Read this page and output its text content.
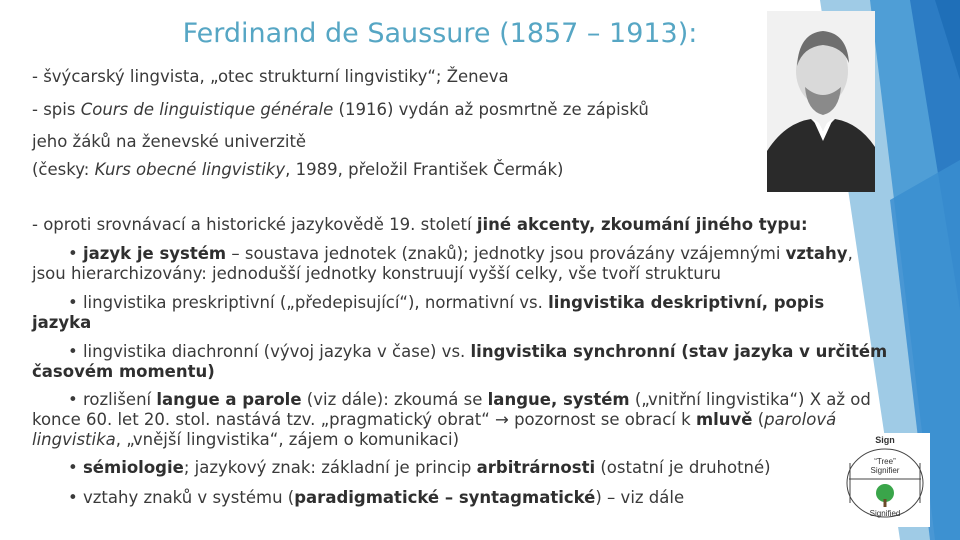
Ferdinand de Saussure (1857 – 1913):
- švýcarský lingvista, „otec strukturní lingvistiky“; Ženeva
- spis Cours de linguistique générale (1916) vydán až posmrtně ze zápisků
jeho žáků na ženevské univerzitě
(česky: Kurs obecné lingvistiky, 1989, přeložil František Čermák)
- oproti srovnávací a historické jazykovědě 19. století jiné akcenty, zkoumání jiného typu:
• jazyk je systém – soustava jednotek (znaků); jednotky jsou provázány vzájemnými vztahy,
jsou hierarchizovány: jednodušší jednotky konstruují vyšší celky, vše tvoří strukturu
• lingvistika preskriptivní („předepisující“), normativní vs. lingvistika deskriptivní, popis
jazyka
• lingvistika diachronní (vývoj jazyka v čase) vs. lingvistika synchronní (stav jazyka v určitém
časovém momentu)
• rozlišení langue a parole (viz dále): zkoumá se langue, systém („vnitřní lingvistika“) X až od
konce 60. let 20. stol. nastává tzv. „pragmatický obrat“ → pozornost se obrací k mluvě (parolová
lingvistika, „vnější lingvistika“, zájem o komunikaci)
• sémiologie; jazykový znak: základní je princip arbitrárnosti (ostatní je druhotné)
• vztahy znaků v systému (paradigmatické – syntagmatické) – viz dále
Sign
“Tree”
Signifier
Signified
